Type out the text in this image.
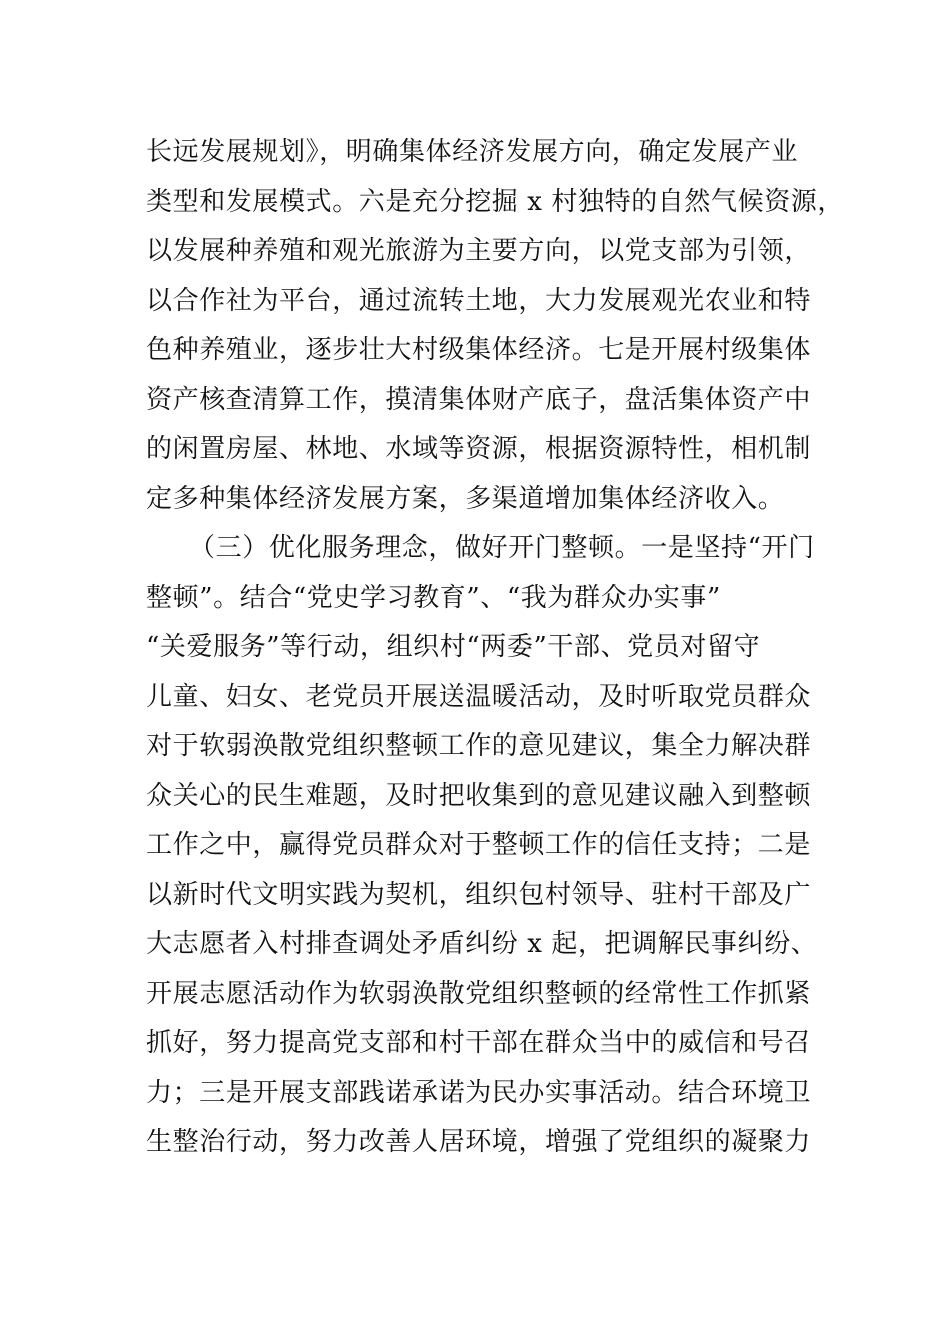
长远发展规划》，明确集体经济发展方向，确定发展产业
类型和发展模式。六是充分挖掘 x 村独特的自然气候资源，
以发展种养殖和观光旅游为主要方向，以党支部为引领，
以合作社为平台，通过流转土地，大力发展观光农业和特
色种养殖业，逐步壮大村级集体经济。七是开展村级集体
资产核查清算工作，摸清集体财产底子，盘活集体资产中
的闲置房屋、林地、水域等资源，根据资源特性，相机制
定多种集体经济发展方案，多渠道增加集体经济收入。
（三）优化服务理念，做好开门整顿。一是坚持“开门
整顿”。结合“党史学习教育”、“我为群众办实事”
“关爱服务”等行动，组织村“两委”干部、党员对留守
儿童、妇女、老党员开展送温暖活动，及时听取党员群众
对于软弱涣散党组织整顿工作的意见建议，集全力解决群
众关心的民生难题，及时把收集到的意见建议融入到整顿
工作之中，赢得党员群众对于整顿工作的信任支持；二是
以新时代文明实践为契机，组织包村领导、驻村干部及广
大志愿者入村排查调处矛盾纠纷 x 起，把调解民事纠纷、
开展志愿活动作为软弱涣散党组织整顿的经常性工作抓紧
抓好，努力提高党支部和村干部在群众当中的威信和号召
力；三是开展支部践诺承诺为民办实事活动。结合环境卫
生整治行动，努力改善人居环境，增强了党组织的凝聚力
